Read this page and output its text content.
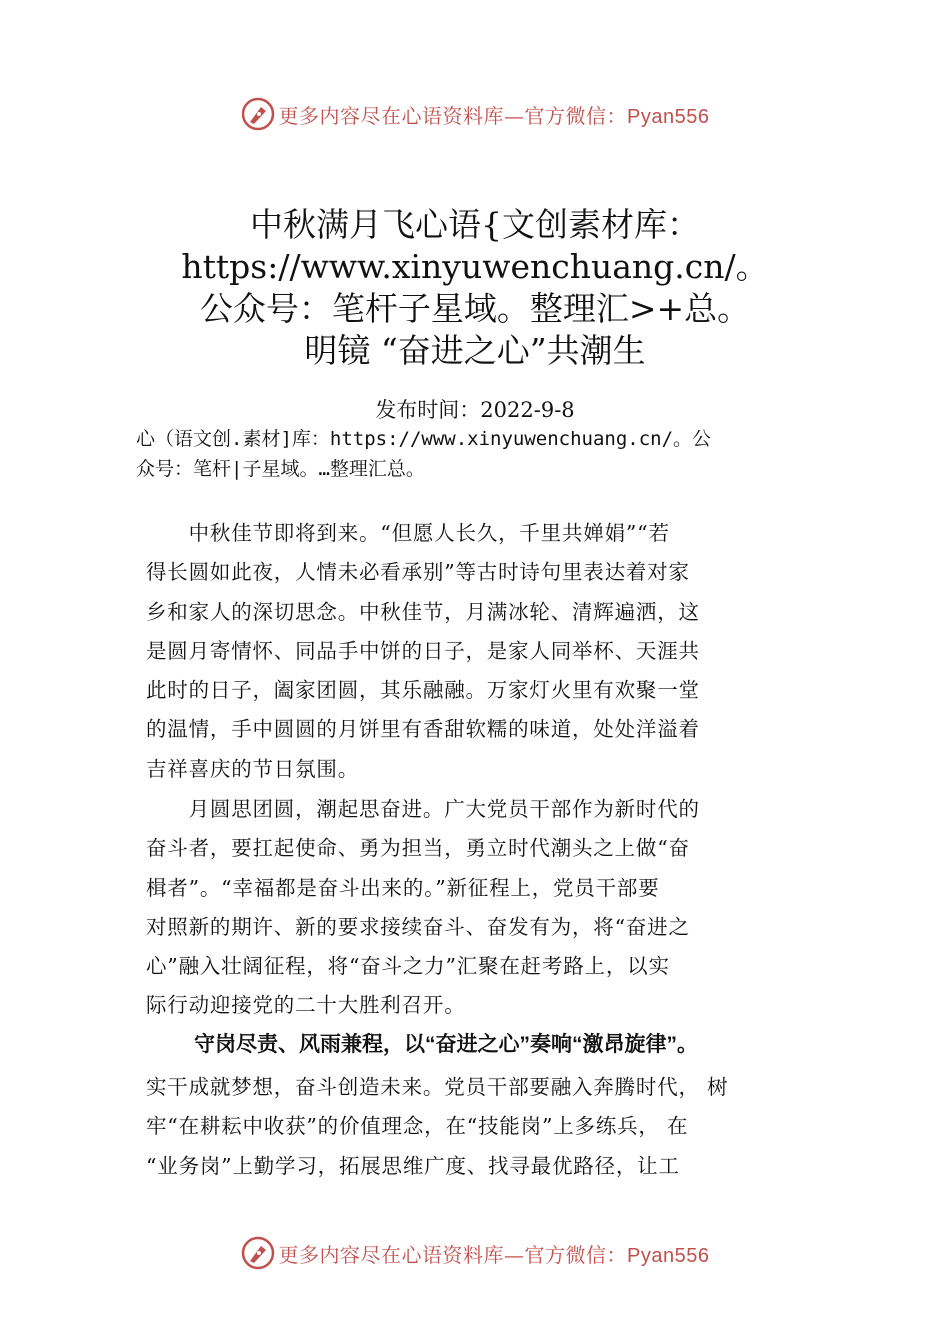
更多内容尽在心语资料库—官方微信：Pyan556
中秋满月飞心语{文创素材库：
https://www.xinyuwenchuang.cn/。
公众号：笔杆子星域。整理汇>+总。
明镜 “奋进之心”共潮生
发布时间：2022-9-8
心（语文创.素材]库：https://www.xinyuwenchuang.cn/。公
众号：笔杆|子星域。…整理汇总。
　　中秋佳节即将到来。“但愿人长久，千里共婵娟”“若
得长圆如此夜，人情未必看承别”等古时诗句里表达着对家
乡和家人的深切思念。中秋佳节，月满冰轮、清辉遍洒，这
是圆月寄情怀、同品手中饼的日子，是家人同举杯、天涯共
此时的日子，阖家团圆，其乐融融。万家灯火里有欢聚一堂
的温情，手中圆圆的月饼里有香甜软糯的味道，处处洋溢着
吉祥喜庆的节日氛围。
　　月圆思团圆，潮起思奋进。广大党员干部作为新时代的
奋斗者，要扛起使命、勇为担当，勇立时代潮头之上做“奋
楫者”。“幸福都是奋斗出来的。”新征程上，党员干部要
对照新的期许、新的要求接续奋斗、奋发有为，将“奋进之
心”融入壮阔征程，将“奋斗之力”汇聚在赶考路上，以实
际行动迎接党的二十大胜利召开。
守岗尽责、风雨兼程，以“奋进之心”奏响“激昂旋律”。
实干成就梦想，奋斗创造未来。党员干部要融入奔腾时代， 树
牢“在耕耘中收获”的价值理念，在“技能岗”上多练兵， 在
“业务岗”上勤学习，拓展思维广度、找寻最优路径，让工
更多内容尽在心语资料库—官方微信：Pyan556
